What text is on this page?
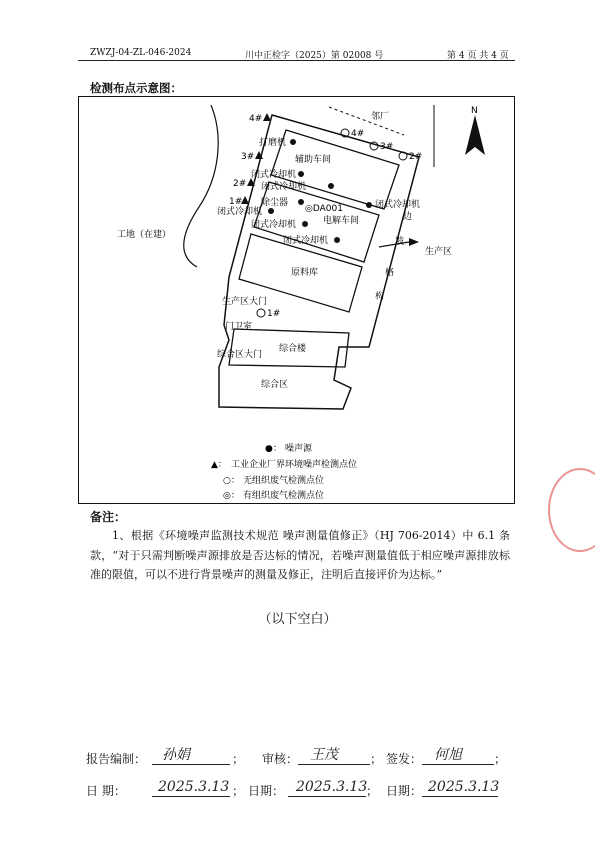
ZWZJ-04-ZL-046-2024	川中正检字（2025）第 02008 号	第 4 页 共 4 页
检测布点示意图：
N
邻厂
辅助车间
电解车间
原料库
综合楼
综合区
工地（在建）
生产区
边
坡
格
构
生产区大门
门卫室
综合区大门
打磨机
闭式冷却机
闭式冷却机
除尘器
◎DA001	闭式冷却机
闭式冷却机
闭式冷却机
闭式冷却机
4#
3#
2#
1#
4#
3#
2#
1#
●： 噪声源
▲： 工业企业厂界环境噪声检测点位
○： 无组织废气检测点位
◎： 有组织废气检测点位
备注：
1、根据《环境噪声监测技术规范 噪声测量值修正》（HJ 706-2014）中 6.1 条款，“对于只需判断噪声源排放是否达标的情况，若噪声测量值低于相应噪声源排放标准的限值，可以不进行背景噪声的测量及修正，注明后直接评价为达标。”
（以下空白）
报告编制： 孙娟	； 审核： 王茂	； 签发： 何旭	；
日 期： 2025.3.13 ； 日期： 2025.3.13
； 日期： 2025.3.13
